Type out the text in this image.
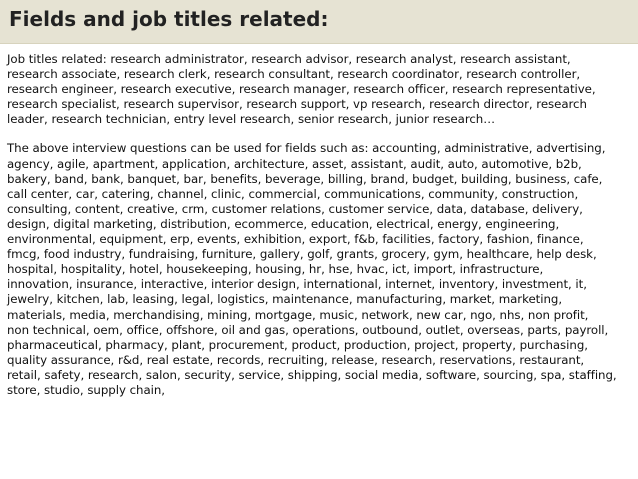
Fields and job titles related:

Job titles related: research administrator, research advisor, research analyst, research assistant,
research associate, research clerk, research consultant, research coordinator, research controller,
research engineer, research executive, research manager, research officer, research representative,
research specialist, research supervisor, research support, vp research, research director, research
leader, research technician, entry level research, senior research, junior research…

The above interview questions can be used for fields such as: accounting, administrative, advertising,
agency, agile, apartment, application, architecture, asset, assistant, audit, auto, automotive, b2b,
bakery, band, bank, banquet, bar, benefits, beverage, billing, brand, budget, building, business, cafe,
call center, car, catering, channel, clinic, commercial, communications, community, construction,
consulting, content, creative, crm, customer relations, customer service, data, database, delivery,
design, digital marketing, distribution, ecommerce, education, electrical, energy, engineering,
environmental, equipment, erp, events, exhibition, export, f&b, facilities, factory, fashion, finance,
fmcg, food industry, fundraising, furniture, gallery, golf, grants, grocery, gym, healthcare, help desk,
hospital, hospitality, hotel, housekeeping, housing, hr, hse, hvac, ict, import, infrastructure,
innovation, insurance, interactive, interior design, international, internet, inventory, investment, it,
jewelry, kitchen, lab, leasing, legal, logistics, maintenance, manufacturing, market, marketing,
materials, media, merchandising, mining, mortgage, music, network, new car, ngo, nhs, non profit,
non technical, oem, office, offshore, oil and gas, operations, outbound, outlet, overseas, parts, payroll,
pharmaceutical, pharmacy, plant, procurement, product, production, project, property, purchasing,
quality assurance, r&d, real estate, records, recruiting, release, research, reservations, restaurant,
retail, safety, research, salon, security, service, shipping, social media, software, sourcing, spa, staffing,
store, studio, supply chain,
